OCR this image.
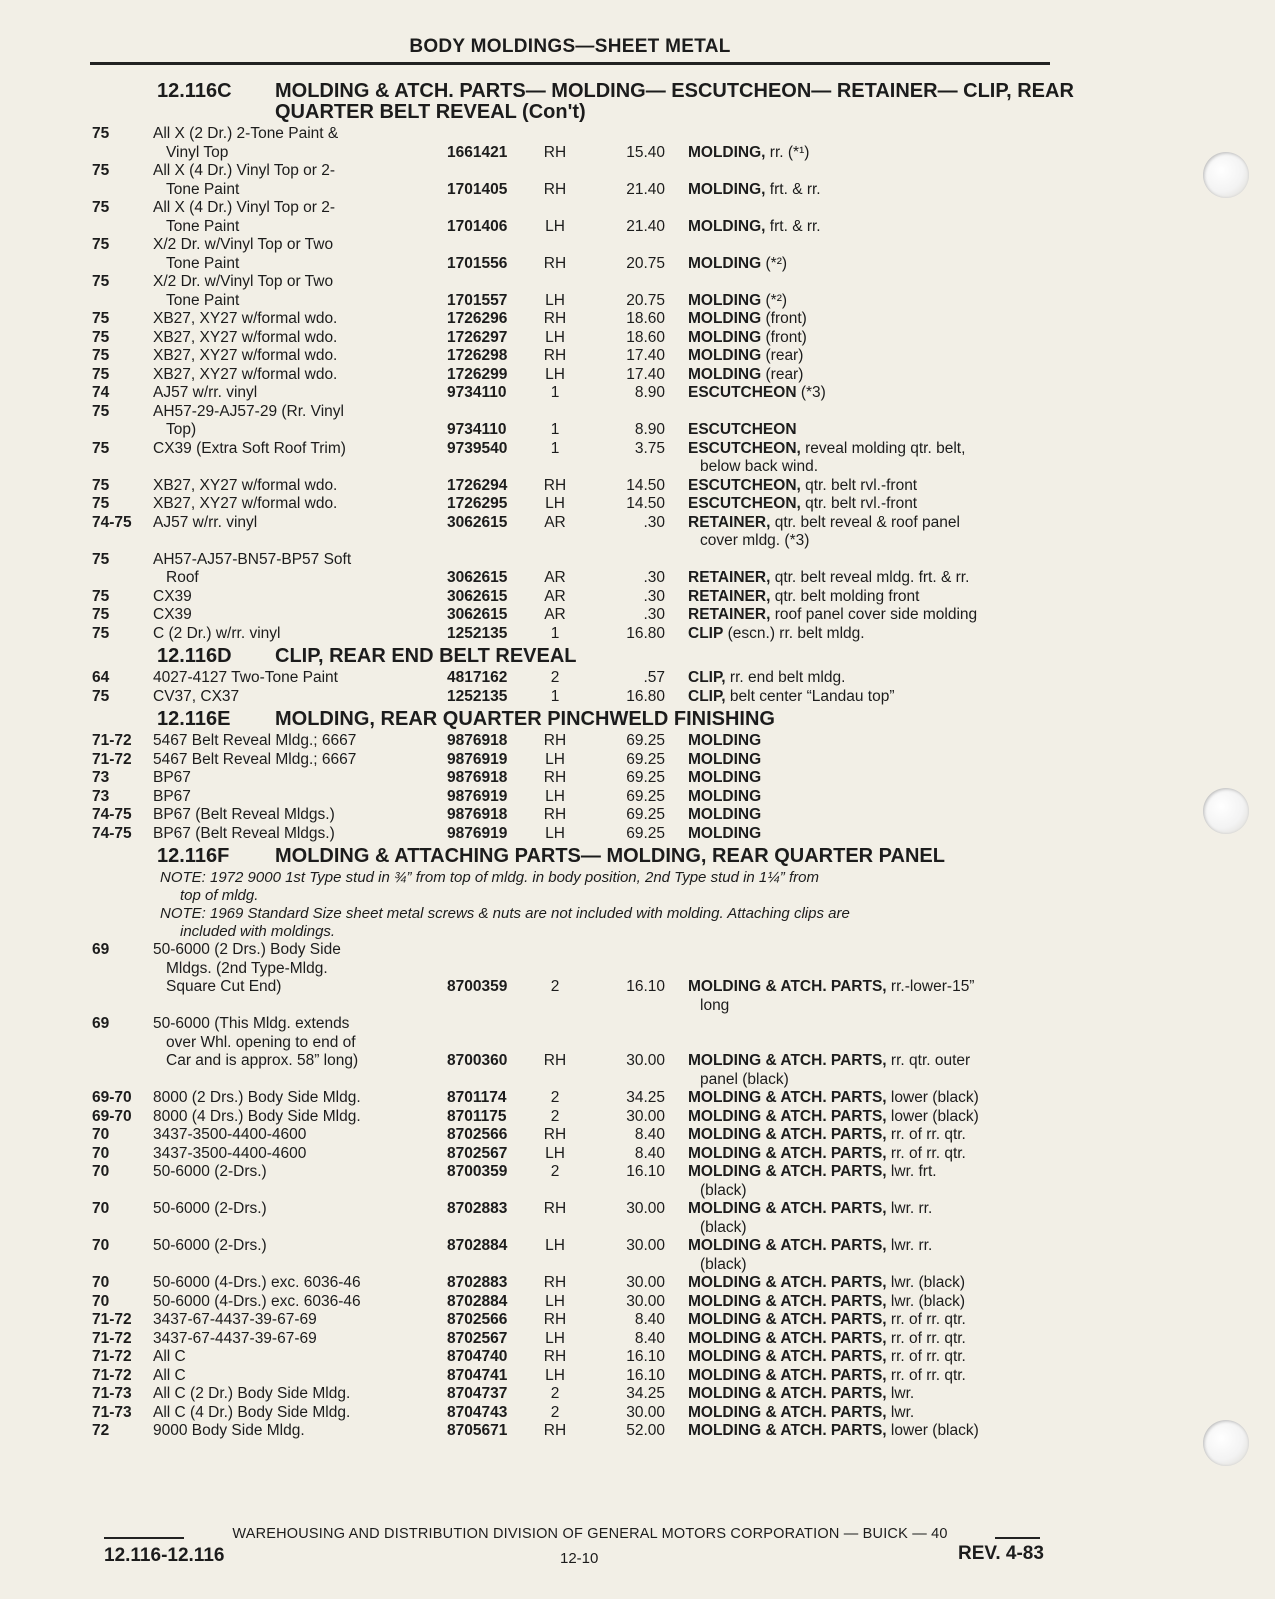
BODY MOLDINGS—SHEET METAL
12.116C	MOLDING & ATCH. PARTS— MOLDING— ESCUTCHEON— RETAINER— CLIP, REAR QUARTER BELT REVEAL (Con't)
75	All X (2 Dr.) 2-Tone Paint &
Vinyl Top	1661421	RH	15.40 MOLDING, rr. (*¹)
75	All X (4 Dr.) Vinyl Top or 2-
Tone Paint	1701405	RH	21.40 MOLDING, frt. & rr.
75	All X (4 Dr.) Vinyl Top or 2-
Tone Paint	1701406	LH	21.40 MOLDING, frt. & rr.
75	X/2 Dr. w/Vinyl Top or Two
Tone Paint	1701556	RH	20.75 MOLDING (*²)
75	X/2 Dr. w/Vinyl Top or Two
Tone Paint	1701557	LH	20.75 MOLDING (*²)
75	XB27, XY27 w/formal wdo.	1726296	RH	18.60 MOLDING (front)
75	XB27, XY27 w/formal wdo.	1726297	LH	18.60 MOLDING (front)
75	XB27, XY27 w/formal wdo.	1726298	RH	17.40 MOLDING (rear)
75	XB27, XY27 w/formal wdo.	1726299	LH	17.40 MOLDING (rear)
74	AJ57 w/rr. vinyl	9734110	1	8.90 ESCUTCHEON (*3)
75	AH57-29-AJ57-29 (Rr. Vinyl
Top)	9734110	1	8.90 ESCUTCHEON
75	CX39 (Extra Soft Roof Trim)	9739540	1	3.75 ESCUTCHEON, reveal molding qtr. belt,
below back wind.
75	XB27, XY27 w/formal wdo.	1726294	RH	14.50 ESCUTCHEON, qtr. belt rvl.-front
75	XB27, XY27 w/formal wdo.	1726295	LH	14.50 ESCUTCHEON, qtr. belt rvl.-front
74-75 AJ57 w/rr. vinyl	3062615	AR	.30 RETAINER, qtr. belt reveal & roof panel
cover mldg. (*3)
75	AH57-AJ57-BN57-BP57 Soft
Roof	3062615	AR	.30 RETAINER, qtr. belt reveal mldg. frt. & rr.
75	CX39	3062615	AR	.30 RETAINER, qtr. belt molding front
75	CX39	3062615	AR	.30 RETAINER, roof panel cover side molding
75	C (2 Dr.) w/rr. vinyl	1252135	1	16.80 CLIP (escn.) rr. belt mldg.
12.116D	CLIP, REAR END BELT REVEAL
64	4027-4127 Two-Tone Paint	4817162	2	.57 CLIP, rr. end belt mldg.
75	CV37, CX37	1252135	1	16.80 CLIP, belt center “Landau top”
12.116E	MOLDING, REAR QUARTER PINCHWELD FINISHING
71-72 5467 Belt Reveal Mldg.; 6667	9876918	RH	69.25 MOLDING
71-72 5467 Belt Reveal Mldg.; 6667	9876919	LH	69.25 MOLDING
73	BP67	9876918	RH	69.25 MOLDING
73	BP67	9876919	LH	69.25 MOLDING
74-75 BP67 (Belt Reveal Mldgs.)	9876918	RH	69.25 MOLDING
74-75 BP67 (Belt Reveal Mldgs.)	9876919	LH	69.25 MOLDING
12.116F	MOLDING & ATTACHING PARTS— MOLDING, REAR QUARTER PANEL
NOTE: 1972 9000 1st Type stud in ¾” from top of mldg. in body position, 2nd Type stud in 1¼” from
top of mldg.
NOTE: 1969 Standard Size sheet metal screws & nuts are not included with molding. Attaching clips are
included with moldings.
69	50-6000 (2 Drs.) Body Side
Mldgs. (2nd Type-Mldg.
Square Cut End)	8700359	2	16.10 MOLDING & ATCH. PARTS, rr.-lower-15”
long
69	50-6000 (This Mldg. extends
over Whl. opening to end of
Car and is approx. 58” long)	8700360	RH	30.00 MOLDING & ATCH. PARTS, rr. qtr. outer
panel (black)
69-70 8000 (2 Drs.) Body Side Mldg.	8701174	2	34.25 MOLDING & ATCH. PARTS, lower (black)
69-70 8000 (4 Drs.) Body Side Mldg.	8701175	2	30.00 MOLDING & ATCH. PARTS, lower (black)
70	3437-3500-4400-4600	8702566	RH	8.40 MOLDING & ATCH. PARTS, rr. of rr. qtr.
70	3437-3500-4400-4600	8702567	LH	8.40 MOLDING & ATCH. PARTS, rr. of rr. qtr.
70	50-6000 (2-Drs.)	8700359	2	16.10 MOLDING & ATCH. PARTS, lwr. frt.
(black)
70	50-6000 (2-Drs.)	8702883	RH	30.00 MOLDING & ATCH. PARTS, lwr. rr.
(black)
70	50-6000 (2-Drs.)	8702884	LH	30.00 MOLDING & ATCH. PARTS, lwr. rr.
(black)
70	50-6000 (4-Drs.) exc. 6036-46	8702883	RH	30.00 MOLDING & ATCH. PARTS, lwr. (black)
70	50-6000 (4-Drs.) exc. 6036-46	8702884	LH	30.00 MOLDING & ATCH. PARTS, lwr. (black)
71-72 3437-67-4437-39-67-69	8702566	RH	8.40 MOLDING & ATCH. PARTS, rr. of rr. qtr.
71-72 3437-67-4437-39-67-69	8702567	LH	8.40 MOLDING & ATCH. PARTS, rr. of rr. qtr.
71-72 All C	8704740	RH	16.10 MOLDING & ATCH. PARTS, rr. of rr. qtr.
71-72 All C	8704741	LH	16.10 MOLDING & ATCH. PARTS, rr. of rr. qtr.
71-73 All C (2 Dr.) Body Side Mldg.	8704737	2	34.25 MOLDING & ATCH. PARTS, lwr.
71-73 All C (4 Dr.) Body Side Mldg.	8704743	2	30.00 MOLDING & ATCH. PARTS, lwr.
72	9000 Body Side Mldg.	8705671	RH	52.00 MOLDING & ATCH. PARTS, lower (black)
WAREHOUSING AND DISTRIBUTION DIVISION OF GENERAL MOTORS CORPORATION — BUICK — 40
12.116-12.116	12-10	REV. 4-83
